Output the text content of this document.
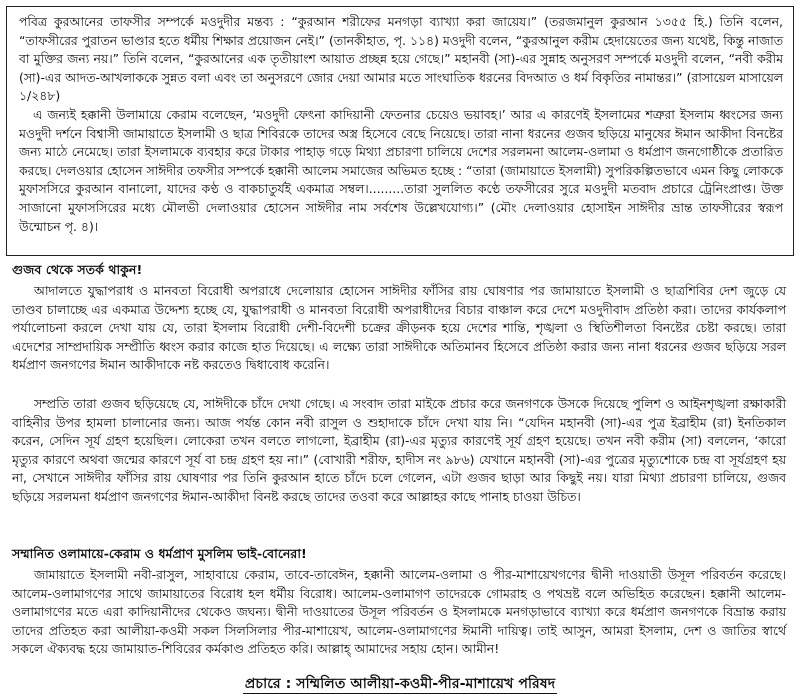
পবিত্র কুরআনের তাফসীর সম্পর্কে মওদুদীর মন্তব্য : “কুরআন শরীফের মনগড়া ব্যাখ্যা করা জায়েয।” (তরজমানুল কুরআন ১৩৫৫ হি.) তিনি বলেন, “তাফসীরের পুরাতন ভাণ্ডার হতে ধর্মীয় শিক্ষার প্রয়োজন নেই।” (তানকীহাত, পৃ. ১১৪) মওদুদী বলেন, “কুরআনুল করীম হেদায়েতের জন্য যথেষ্ট, কিন্তু নাজাত বা মুক্তির জন্য নয়।” তিনি বলেন, “কুরআনের এক তৃতীয়াংশ আয়াত প্রচ্ছন্ন হয়ে গেছে।” মহানবী (সা)-এর সুন্নাহ অনুসরণ সম্পর্কে মওদুদী বলেন, “নবী করীম (সা)-এর আদত-আখলাককে সুন্নত বলা এবং তা অনুসরণে জোর দেয়া আমার মতে সাংঘাতিক ধরনের বিদআত ও ধর্ম বিকৃতির নামান্তর।” (রাসায়েল মাসায়েল ১/২৪৮)

এ জন্যই হক্কানী উলামায়ে কেরাম বলেছেন, ‘মওদুদী ফেৎনা কাদিয়ানী ফেতনার চেয়েও ভয়াবহ।’ আর এ কারণেই ইসলামের শত্রুরা ইসলাম ধ্বংসের জন্য মওদুদী দর্শনে বিশ্বাসী জামায়াতে ইসলামী ও ছাত্র শিবিরকে তাদের অস্ত্র হিসেবে বেছে নিয়েছে। তারা নানা ধরনের গুজব ছড়িয়ে মানুষের ঈমান আকীদা বিনষ্টের জন্য মাঠে নেমেছে। তারা ইসলামকে ব্যবহার করে টাকার পাহাড় গড়ে মিথ্যা প্রচারণা চালিয়ে দেশের সরলমনা আলেম-ওলামা ও ধর্মপ্রাণ জনগোষ্ঠীকে প্রতারিত করছে। দেলওয়ার হোসেন সাঈদীর তফসীর সম্পর্কে হক্কানী আলেম সমাজের অভিমত হচ্ছে : “তারা (জামায়াতে ইসলামী) সুপরিকল্পিতভাবে এমন কিছু লোককে মুফাসসিরে কুরআন বানালো, যাদের কণ্ঠ ও বাকচাতুর্যই একমাত্র সম্বল।.........তারা সুললিত কণ্ঠে তফসীরের সুরে মওদুদী মতবাদ প্রচারে ট্রেনিংপ্রাপ্ত। উক্ত সাজানো মুফাসসিরের মধ্যে মৌলভী দেলাওয়ার হোসেন সাঈদীর নাম সর্বশেষ উল্লেখযোগ্য।” (মৌং দেলাওয়ার হোসাইন সাঈদীর ভ্রান্ত তাফসীরের স্বরূপ উন্মোচন পৃ. ৪)।

গুজব থেকে সতর্ক থাকুন!

আদালতে যুদ্ধাপরাধ ও মানবতা বিরোধী অপরাধে দেলোয়ার হোসেন সাঈদীর ফাঁসির রায় ঘোষণার পর জামায়াতে ইসলামী ও ছাত্রশিবির দেশ জুড়ে যে তাণ্ডব চালাচ্ছে এর একমাত্র উদ্দেশ্য হচ্ছে যে, যুদ্ধাপরাধী ও মানবতা বিরোধী অপরাধীদের বিচার বাঞ্চাল করে দেশে মওদুদীবাদ প্রতিষ্ঠা করা। তাদের কার্যকলাপ পর্যালোচনা করলে দেখা যায় যে, তারা ইসলাম বিরোধী দেশী-বিদেশী চক্রের ক্রীড়নক হয়ে দেশের শান্তি, শৃঙ্খলা ও স্থিতিশীলতা বিনষ্টের চেষ্টা করছে। তারা এদেশের সাম্প্রদায়িক সম্প্রীতি ধ্বংস করার কাজে হাত দিয়েছে। এ লক্ষ্যে তারা সাঈদীকে অতিমানব হিসেবে প্রতিষ্ঠা করার জন্য নানা ধরনের গুজব ছড়িয়ে সরল ধর্মপ্রাণ জনগণের ঈমান আকীদাকে নষ্ট করতেও দ্বিধাবোধ করেনি।

সম্প্রতি তারা গুজব ছড়িয়েছে যে, সাঈদীকে চাঁদে দেখা গেছে। এ সংবাদ তারা মাইকে প্রচার করে জনগণকে উসকে দিয়েছে পুলিশ ও আইনশৃঙ্খলা রক্ষাকারী বাহিনীর উপর হামলা চালানোর জন্য। আজ পর্যন্ত কোন নবী রাসুল ও শুহাদাকে চাঁদে দেখা যায় নি। “যেদিন মহানবী (সা)-এর পুত্র ইব্রাহীম (রা) ইনতিকাল করেন, সেদিন সূর্য গ্রহণ হয়েছিল। লোকেরা তখন বলতে লাগলো, ইব্রাহীম (রা)-এর মৃত্যুর কারণেই সূর্য গ্রহণ হয়েছে। তখন নবী করীম (সা) বললেন, ‘কারো মৃত্যুর কারণে অথবা জন্মের কারণে সূর্য বা চন্দ্র গ্রহণ হয় না।” (বোখারী শরীফ, হাদীস নং ৯৮৬) যেখানে মহানবী (সা)-এর পুত্রের মৃত্যুশোকে চন্দ্র বা সূর্যগ্রহণ হয় না, সেখানে সাঈদীর ফাঁসির রায় ঘোষণার পর তিনি কুরআন হাতে চাঁদে চলে গেলেন, এটা গুজব ছাড়া আর কিছুই নয়। যারা মিথ্যা প্রচারণা চালিয়ে, গুজব ছড়িয়ে সরলমনা ধর্মপ্রাণ জনগণের ঈমান-আকীদা বিনষ্ট করছে তাদের তওবা করে আল্লাহর কাছে পানাহ চাওয়া উচিত।

সম্মানিত ওলামায়ে-কেরাম ও ধর্মপ্রাণ মুসলিম ভাই-বোনেরা!

জামায়াতে ইসলামী নবী-রাসুল, সাহাবায়ে কেরাম, তাবে-তাবেঈন, হক্কানী আলেম-ওলামা ও পীর-মাশায়েখগণের দ্বীনী দাওয়াতী উসূল পরিবর্তন করেছে। আলেম-ওলামাগণের সাথে জামায়াতের বিরোধ হল ধর্মীয় বিরোধ। আলেম-ওলামাগণ তাদেরকে গোমরাহ ও পথভ্রষ্ট বলে অভিহিত করেছেন। হক্কানী আলেম-ওলামাগণের মতে এরা কাদিয়ানীদের থেকেও জঘন্য। দ্বীনী দাওয়াতের উসূল পরিবর্তন ও ইসলামকে মনগড়াভাবে ব্যাখ্যা করে ধর্মপ্রাণ জনগণকে বিভ্রান্ত করায় তাদের প্রতিহত করা আলীয়া-কওমী সকল সিলসিলার পীর-মাশায়েখ, আলেম-ওলামাগণের ঈমানী দায়িত্ব। তাই আসুন, আমরা ইসলাম, দেশ ও জাতির স্বার্থে সকলে ঐক্যবদ্ধ হয়ে জামায়াত-শিবিরের কর্মকাণ্ড প্রতিহত করি। আল্লাহ্ আমাদের সহায় হোন। আমীন!

প্রচারে : সম্মিলিত আলীয়া-কওমী-পীর-মাশায়েখ পরিষদ
